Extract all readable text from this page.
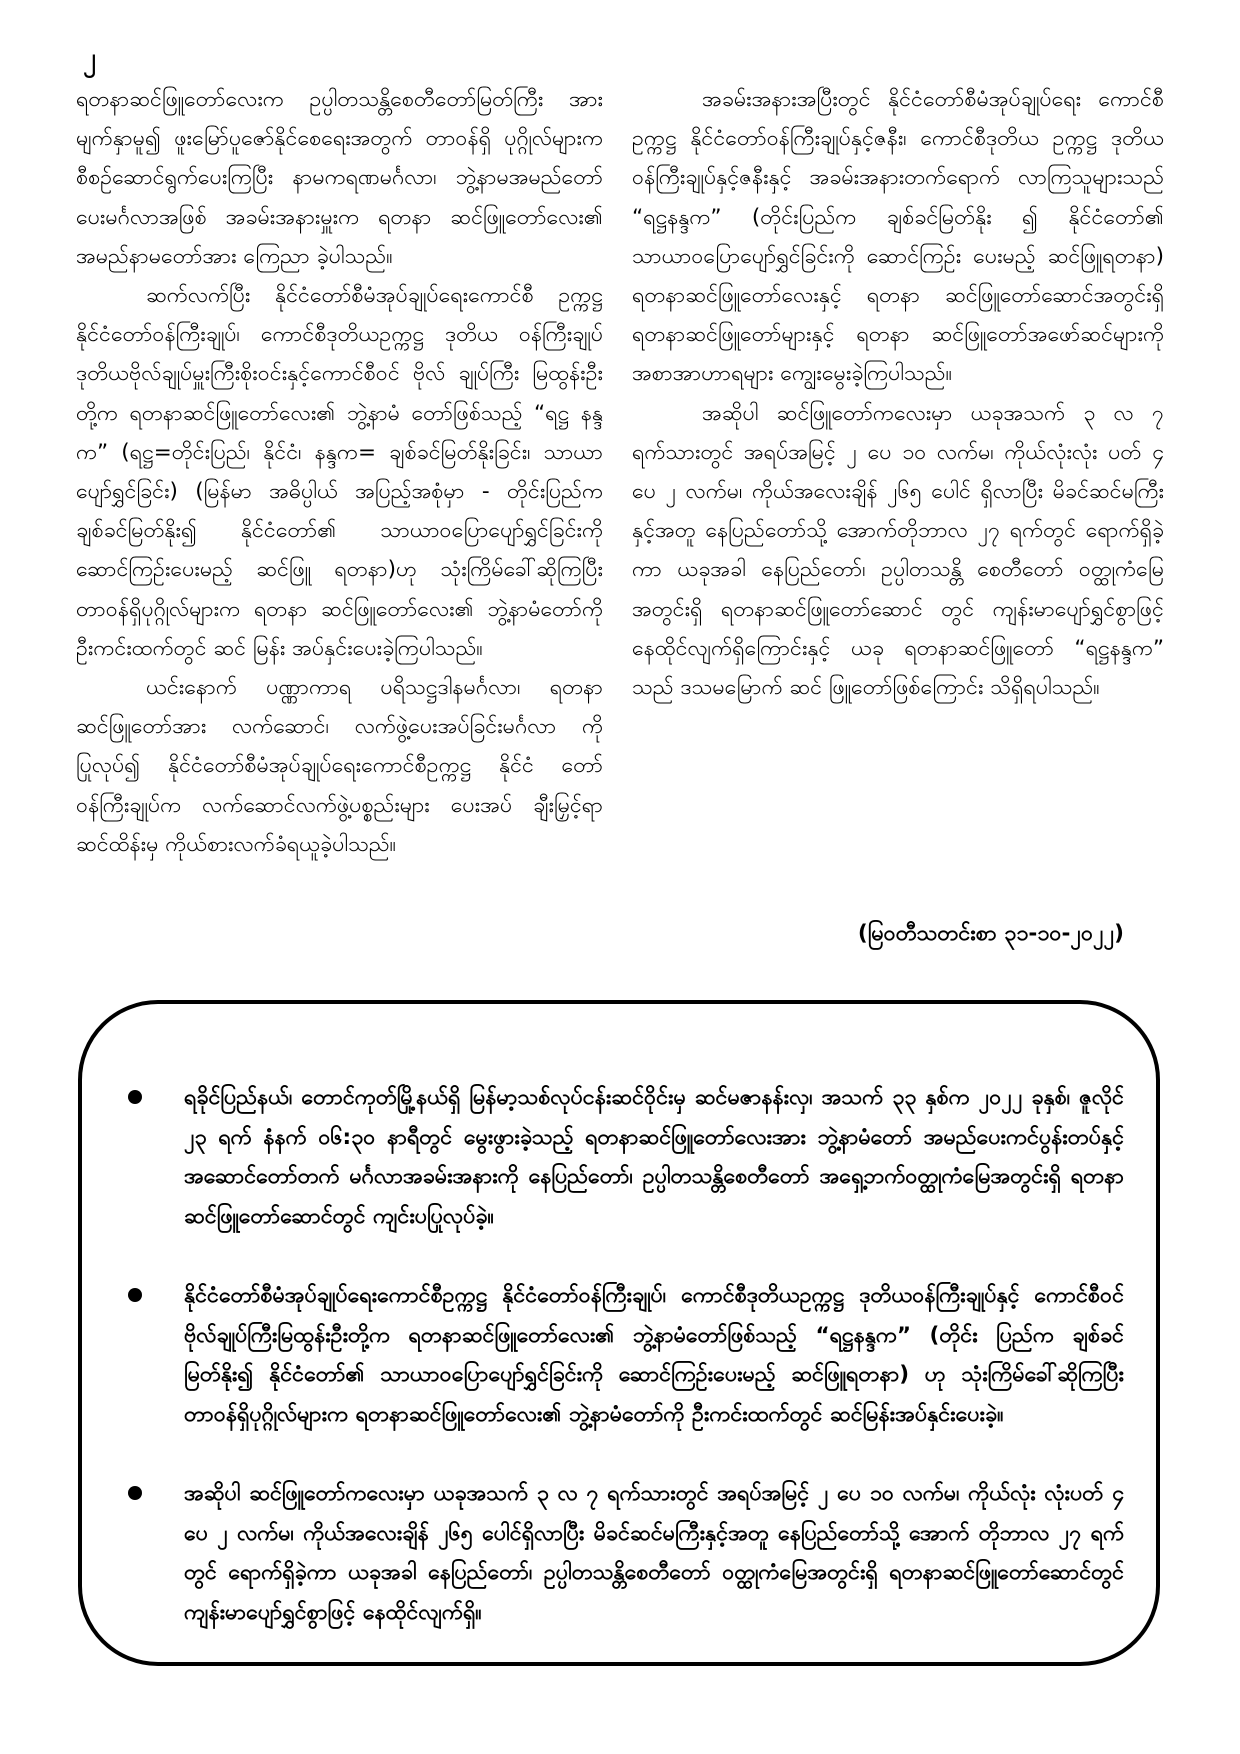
၂

ရတနာဆင်ဖြူတော်လေးက ဥပ္ပါတသန္တိစေတီတော်မြတ်ကြီး အား မျက်နှာမူ၍ ဖူးမြော်ပူဇော်နိုင်စေရေးအတွက် တာဝန်ရှိ ပုဂ္ဂိုလ်များက စီစဉ်ဆောင်ရွက်ပေးကြပြီး နာမကရဏမင်္ဂလာ၊ ဘွဲ့နာမအမည်တော်ပေးမင်္ဂလာအဖြစ် အခမ်းအနားမှူးက ရတနာ ဆင်ဖြူတော်လေး၏ အမည်နာမတော်အား ကြေညာ ခဲ့ပါသည်။

ဆက်လက်ပြီး နိုင်ငံတော်စီမံအုပ်ချုပ်ရေးကောင်စီ ဥက္ကဋ္ဌ နိုင်ငံတော်ဝန်ကြီးချုပ်၊ ကောင်စီဒုတိယဥက္ကဋ္ဌ ဒုတိယ ဝန်ကြီးချုပ် ဒုတိယဗိုလ်ချုပ်မှူးကြီးစိုးဝင်းနှင့်ကောင်စီဝင် ဗိုလ် ချုပ်ကြီး မြထွန်းဦးတို့က ရတနာဆင်ဖြူတော်လေး၏ ဘွဲ့နာမံ တော်ဖြစ်သည့် “ရဋ္ဌ နန္ဒက” (ရဋ္ဌ=တိုင်းပြည်၊ နိုင်ငံ၊ နန္ဒက= ချစ်ခင်မြတ်နိုးခြင်း၊ သာယာပျော်ရွှင်ခြင်း) (မြန်မာ အဓိပ္ပါယ် အပြည့်အစုံမှာ - တိုင်းပြည်က ချစ်ခင်မြတ်နိုး၍ နိုင်ငံတော်၏ သာယာဝပြောပျော်ရွှင်ခြင်းကို ဆောင်ကြဉ်းပေးမည့် ဆင်ဖြူ ရတနာ)ဟု သုံးကြိမ်ခေါ်ဆိုကြပြီး တာဝန်ရှိပုဂ္ဂိုလ်များက ရတနာ ဆင်ဖြူတော်လေး၏ ဘွဲ့နာမံတော်ကို ဦးကင်းထက်တွင် ဆင် မြန်း အပ်နှင်းပေးခဲ့ကြပါသည်။

ယင်းနောက် ပဏ္ဏာကာရ ပရိသဋ္ဌဒါနမင်္ဂလာ၊ ရတနာ ဆင်ဖြူတော်အား လက်ဆောင်၊ လက်ဖွဲ့ပေးအပ်ခြင်းမင်္ဂလာ ကို ပြုလုပ်၍ နိုင်ငံတော်စီမံအုပ်ချုပ်ရေးကောင်စီဥက္ကဋ္ဌ နိုင်ငံ တော်ဝန်ကြီးချုပ်က လက်ဆောင်လက်ဖွဲ့ပစ္စည်းများ ပေးအပ် ချီးမြှင့်ရာ ဆင်ထိန်းမှ ကိုယ်စားလက်ခံရယူခဲ့ပါသည်။

အခမ်းအနားအပြီးတွင် နိုင်ငံတော်စီမံအုပ်ချုပ်ရေး ကောင်စီဥက္ကဋ္ဌ နိုင်ငံတော်ဝန်ကြီးချုပ်နှင့်ဇနီး၊ ကောင်စီဒုတိယ ဥက္ကဋ္ဌ ဒုတိယဝန်ကြီးချုပ်နှင့်ဇနီးနှင့် အခမ်းအနားတက်ရောက် လာကြသူများသည် “ရဋ္ဌနန္ဒက” (တိုင်းပြည်က ချစ်ခင်မြတ်နိုး ၍ နိုင်ငံတော်၏ သာယာဝပြောပျော်ရွှင်ခြင်းကို ဆောင်ကြဉ်း ပေးမည့် ဆင်ဖြူရတနာ) ရတနာဆင်ဖြူတော်လေးနှင့် ရတနာ ဆင်ဖြူတော်ဆောင်အတွင်းရှိ ရတနာဆင်ဖြူတော်များနှင့် ရတနာ ဆင်ဖြူတော်အဖော်ဆင်များကို အစာအာဟာရများ ကျွေးမွေးခဲ့ကြပါသည်။

အဆိုပါ ဆင်ဖြူတော်ကလေးမှာ ယခုအသက် ၃ လ ၇ ရက်သားတွင် အရပ်အမြင့် ၂ ပေ ၁၀ လက်မ၊ ကိုယ်လုံးလုံး ပတ် ၄ ပေ ၂ လက်မ၊ ကိုယ်အလေးချိန် ၂၆၅ ပေါင် ရှိလာပြီး မိခင်ဆင်မကြီးနှင့်အတူ နေပြည်တော်သို့ အောက်တိုဘာလ ၂၇ ရက်တွင် ရောက်ရှိခဲ့ကာ ယခုအခါ နေပြည်တော်၊ ဥပ္ပါတသန္တိ စေတီတော် ဝတ္ထုကံမြေအတွင်းရှိ ရတနာဆင်ဖြူတော်ဆောင် တွင် ကျန်းမာပျော်ရွှင်စွာဖြင့် နေထိုင်လျက်ရှိကြောင်းနှင့် ယခု ရတနာဆင်ဖြူတော် “ရဋ္ဌနန္ဒက” သည် ဒသမမြောက် ဆင် ဖြူတော်ဖြစ်ကြောင်း သိရှိရပါသည်။

(မြဝတီသတင်းစာ ၃၁-၁၀-၂၀၂၂)
ရခိုင်ပြည်နယ်၊ တောင်ကုတ်မြို့နယ်ရှိ မြန်မာ့သစ်လုပ်ငန်းဆင်ဝိုင်းမှ ဆင်မဇာနန်းလှ၊ အသက် ၃၃ နှစ်က ၂၀၂၂ ခုနှစ်၊ ဇူလိုင် ၂၃ ရက် နံနက် ဝ၆:၃ဝ နာရီတွင် မွေးဖွားခဲ့သည့် ရတနာဆင်ဖြူတော်လေးအား ဘွဲ့နာမံတော် အမည်ပေးကင်ပွန်းတပ်နှင့် အဆောင်တော်တက် မင်္ဂလာအခမ်းအနားကို နေပြည်တော်၊ ဥပ္ပါတသန္တိစေတီတော် အရှေ့ဘက်ဝတ္ထုကံမြေအတွင်းရှိ ရတနာဆင်ဖြူတော်ဆောင်တွင် ကျင်းပပြုလုပ်ခဲ့။
နိုင်ငံတော်စီမံအုပ်ချုပ်ရေးကောင်စီဥက္ကဋ္ဌ နိုင်ငံတော်ဝန်ကြီးချုပ်၊ ကောင်စီဒုတိယဥက္ကဋ္ဌ ဒုတိယဝန်ကြီးချုပ်နှင့် ကောင်စီဝင် ဗိုလ်ချုပ်ကြီးမြထွန်းဦးတို့က ရတနာဆင်ဖြူတော်လေး၏ ဘွဲ့နာမံတော်ဖြစ်သည့် “ရဋ္ဌနန္ဒက” (တိုင်း ပြည်က ချစ်ခင်မြတ်နိုး၍ နိုင်ငံတော်၏ သာယာဝပြောပျော်ရွှင်ခြင်းကို ဆောင်ကြဉ်းပေးမည့် ဆင်ဖြူရတနာ) ဟု သုံးကြိမ်ခေါ်ဆိုကြပြီး တာဝန်ရှိပုဂ္ဂိုလ်များက ရတနာဆင်ဖြူတော်လေး၏ ဘွဲ့နာမံတော်ကို ဦးကင်းထက်တွင် ဆင်မြန်းအပ်နှင်းပေးခဲ့။
အဆိုပါ ဆင်ဖြူတော်ကလေးမှာ ယခုအသက် ၃ လ ၇ ရက်သားတွင် အရပ်အမြင့် ၂ ပေ ၁၀ လက်မ၊ ကိုယ်လုံး လုံးပတ် ၄ ပေ ၂ လက်မ၊ ကိုယ်အလေးချိန် ၂၆၅ ပေါင်ရှိလာပြီး မိခင်ဆင်မကြီးနှင့်အတူ နေပြည်တော်သို့ အောက် တိုဘာလ ၂၇ ရက်တွင် ရောက်ရှိခဲ့ကာ ယခုအခါ နေပြည်တော်၊ ဥပ္ပါတသန္တိစေတီတော် ဝတ္ထုကံမြေအတွင်းရှိ ရတနာဆင်ဖြူတော်ဆောင်တွင် ကျန်းမာပျော်ရွှင်စွာဖြင့် နေထိုင်လျက်ရှိ။
